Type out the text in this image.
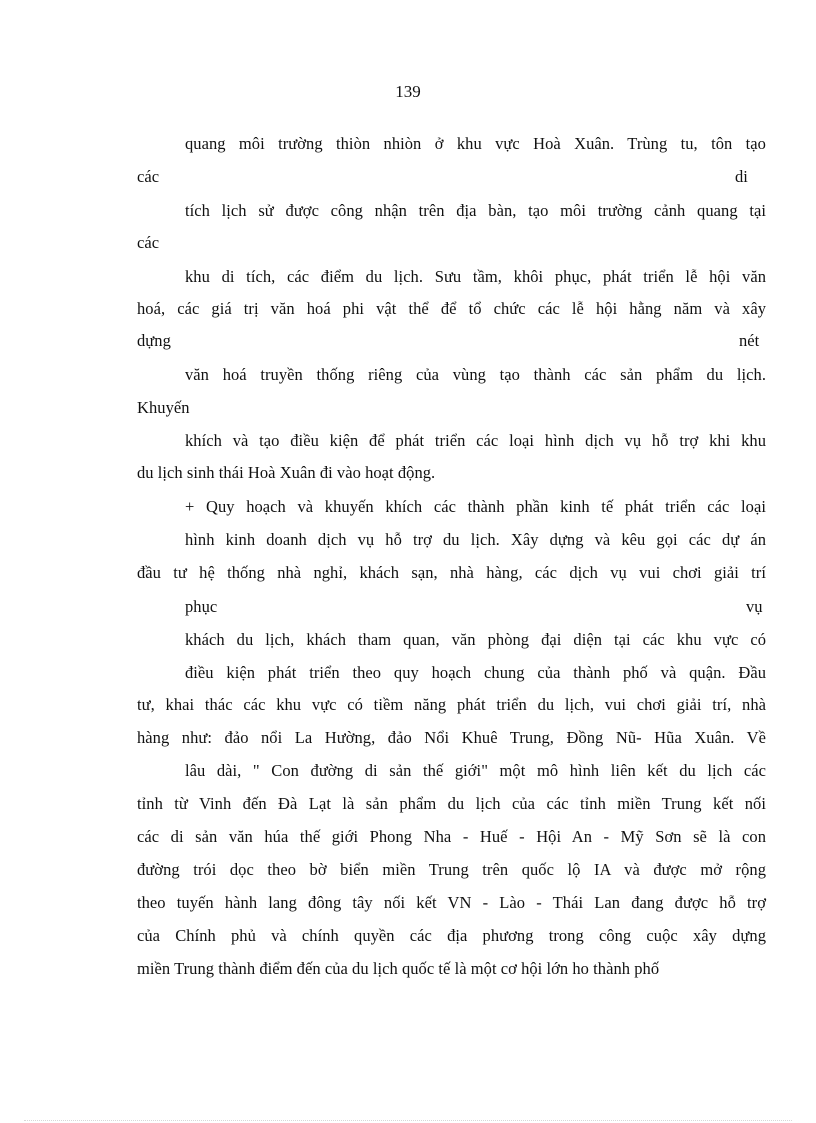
139
quang môi trường thiòn nhiòn ở khu vực Hoà Xuân. Trùng tu, tôn tạo
các	di
tích lịch sử được công nhận trên địa bàn, tạo môi trường cảnh quang tại
các
khu di tích, các điểm du lịch. Sưu tầm, khôi phục, phát triển lễ hội văn
hoá, các giá trị văn hoá phi vật thể để tổ chức các lễ hội hằng năm và xây
dựng	nét
văn hoá truyền thống riêng của vùng tạo thành các sản phẩm du lịch.
Khuyến
khích và tạo điều kiện để phát triển các loại hình dịch vụ hỗ trợ khi khu
du lịch sinh thái Hoà Xuân đi vào hoạt động.
+ Quy hoạch và khuyến khích các thành phần kinh tế phát triển các loại
hình kinh doanh dịch vụ hỗ trợ du lịch. Xây dựng và kêu gọi các dự án
đầu tư hệ thống nhà nghỉ, khách sạn, nhà hàng, các dịch vụ vui chơi giải trí
phục	vụ
khách du lịch, khách tham quan, văn phòng đại diện tại các khu vực có
điều kiện phát triển theo quy hoạch chung của thành phố và quận. Đầu
tư, khai thác các khu vực có tiềm năng phát triển du lịch, vui chơi giải trí, nhà
hàng như: đảo nổi La Hường, đảo Nổi Khuê Trung, Đồng Nũ- Hũa Xuân. Về
lâu dài, " Con đường di sản thế giới" một mô hình liên kết du lịch các
tỉnh từ Vinh đến Đà Lạt là sản phẩm du lịch của các tỉnh miền Trung kết nối
các di sản văn húa thế giới Phong Nha - Huế - Hội An - Mỹ Sơn sẽ là con
đường trói dọc theo bờ biển miền Trung trên quốc lộ IA và được mở rộng
theo tuyến hành lang đông tây nối kết VN - Lào - Thái Lan đang được hỗ trợ
của Chính phủ và chính quyền các địa phương trong công cuộc xây dựng
miền Trung thành điểm đến của du lịch quốc tế là một cơ hội lớn ho thành phố
